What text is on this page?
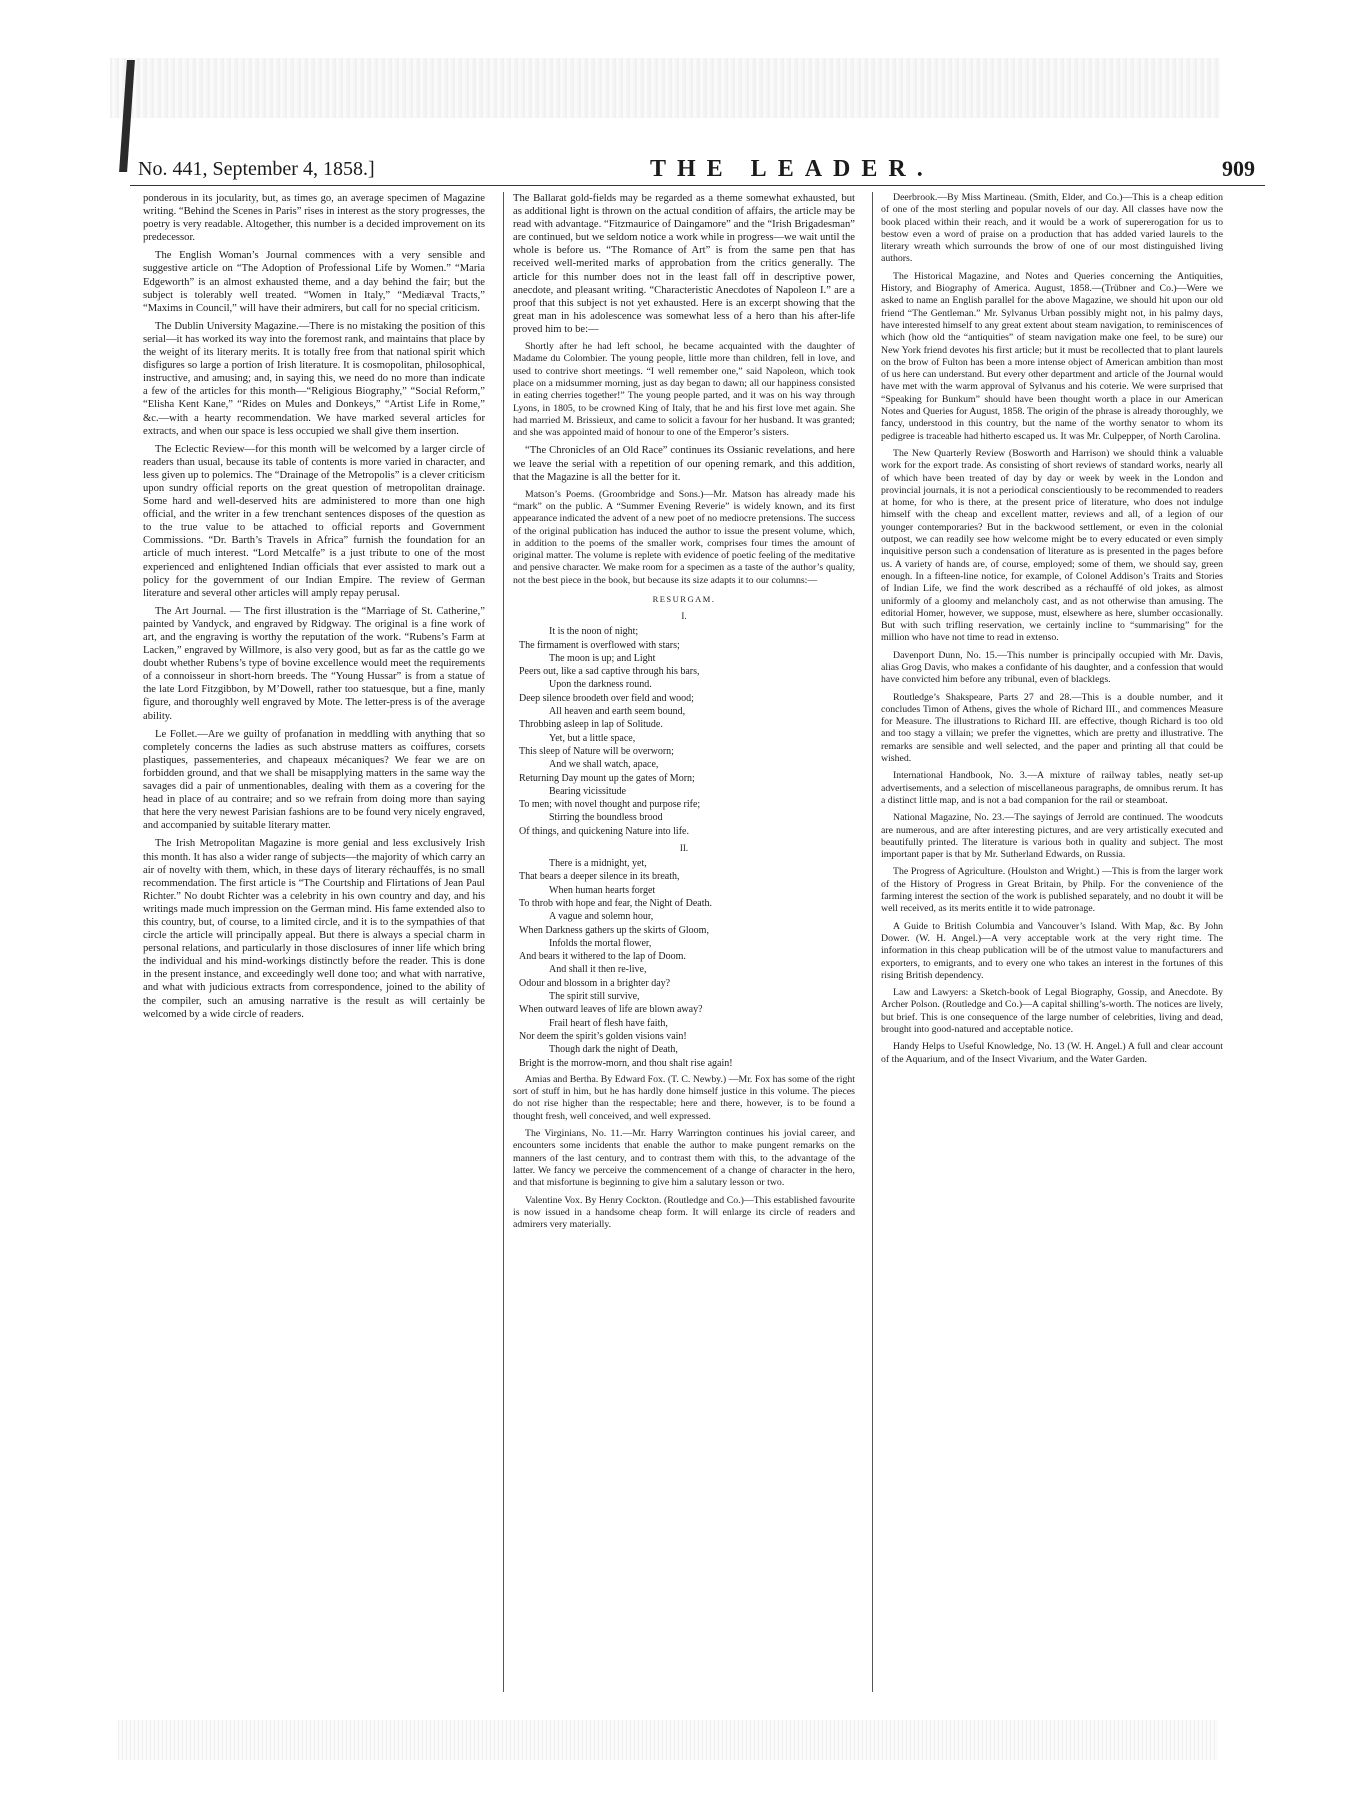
No. 441, September 4, 1858.]	THE LEADER.	909

ponderous in its jocularity, but, as times go, an average specimen of Magazine writing. “Behind the Scenes in Paris” rises in interest as the story progresses, the poetry is very readable. Altogether, this number is a decided improvement on its predecessor.

The English Woman’s Journal commences with a very sensible and suggestive article on “The Adoption of Professional Life by Women.” “Maria Edgeworth” is an almost exhausted theme, and a day behind the fair; but the subject is tolerably well treated. “Women in Italy,” “Mediæval Tracts,” “Maxims in Council,” will have their admirers, but call for no special criticism.

The Dublin University Magazine.—There is no mistaking the position of this serial—it has worked its way into the foremost rank, and maintains that place by the weight of its literary merits. It is totally free from that national spirit which disfigures so large a portion of Irish literature. It is cosmopolitan, philosophical, instructive, and amusing; and, in saying this, we need do no more than indicate a few of the articles for this month—“Religious Biography,” “Social Reform,” “Elisha Kent Kane,” “Rides on Mules and Donkeys,” “Artist Life in Rome,” &c.—with a hearty recommendation. We have marked several articles for extracts, and when our space is less occupied we shall give them insertion.

The Eclectic Review—for this month will be welcomed by a larger circle of readers than usual, because its table of contents is more varied in character, and less given up to polemics. The “Drainage of the Metropolis” is a clever criticism upon sundry official reports on the great question of metropolitan drainage. Some hard and well-deserved hits are administered to more than one high official, and the writer in a few trenchant sentences disposes of the question as to the true value to be attached to official reports and Government Commissions. “Dr. Barth’s Travels in Africa” furnish the foundation for an article of much interest. “Lord Metcalfe” is a just tribute to one of the most experienced and enlightened Indian officials that ever assisted to mark out a policy for the government of our Indian Empire. The review of German literature and several other articles will amply repay perusal.

The Art Journal. — The first illustration is the “Marriage of St. Catherine,” painted by Vandyck, and engraved by Ridgway. The original is a fine work of art, and the engraving is worthy the reputation of the work. “Rubens’s Farm at Lacken,” engraved by Willmore, is also very good, but as far as the cattle go we doubt whether Rubens’s type of bovine excellence would meet the requirements of a connoisseur in short-horn breeds. The “Young Hussar” is from a statue of the late Lord Fitzgibbon, by M’Dowell, rather too statuesque, but a fine, manly figure, and thoroughly well engraved by Mote. The letter-press is of the average ability.

Le Follet.—Are we guilty of profanation in meddling with anything that so completely concerns the ladies as such abstruse matters as coiffures, corsets plastiques, passementeries, and chapeaux mécaniques? We fear we are on forbidden ground, and that we shall be misapplying matters in the same way the savages did a pair of unmentionables, dealing with them as a covering for the head in place of au contraire; and so we refrain from doing more than saying that here the very newest Parisian fashions are to be found very nicely engraved, and accompanied by suitable literary matter.

The Irish Metropolitan Magazine is more genial and less exclusively Irish this month. It has also a wider range of subjects—the majority of which carry an air of novelty with them, which, in these days of literary réchauffés, is no small recommendation. The first article is “The Courtship and Flirtations of Jean Paul Richter.” No doubt Richter was a celebrity in his own country and day, and his writings made much impression on the German mind. His fame extended also to this country, but, of course, to a limited circle, and it is to the sympathies of that circle the article will principally appeal. But there is always a special charm in personal relations, and particularly in those disclosures of inner life which bring the individual and his mind-workings distinctly before the reader. This is done in the present instance, and exceedingly well done too; and what with narrative, and what with judicious extracts from correspondence, joined to the ability of the compiler, such an amusing narrative is the result as will certainly be welcomed by a wide circle of readers.

The Ballarat gold-fields may be regarded as a theme somewhat exhausted, but as additional light is thrown on the actual condition of affairs, the article may be read with advantage. “Fitzmaurice of Daingamore” and the “Irish Brigadesman” are continued, but we seldom notice a work while in progress—we wait until the whole is before us. “The Romance of Art” is from the same pen that has received well-merited marks of approbation from the critics generally. The article for this number does not in the least fall off in descriptive power, anecdote, and pleasant writing. “Characteristic Anecdotes of Napoleon I.” are a proof that this subject is not yet exhausted. Here is an excerpt showing that the great man in his adolescence was somewhat less of a hero than his after-life proved him to be:—

Shortly after he had left school, he became acquainted with the daughter of Madame du Colombier. The young people, little more than children, fell in love, and used to contrive short meetings. “I well remember one,” said Napoleon, which took place on a midsummer morning, just as day began to dawn; all our happiness consisted in eating cherries together!” The young people parted, and it was on his way through Lyons, in 1805, to be crowned King of Italy, that he and his first love met again. She had married M. Brissieux, and came to solicit a favour for her husband. It was granted; and she was appointed maid of honour to one of the Emperor’s sisters.

“The Chronicles of an Old Race” continues its Ossianic revelations, and here we leave the serial with a repetition of our opening remark, and this addition, that the Magazine is all the better for it.

Matson’s Poems. (Groombridge and Sons.)—Mr. Matson has already made his “mark” on the public. A “Summer Evening Reverie” is widely known, and its first appearance indicated the advent of a new poet of no mediocre pretensions. The success of the original publication has induced the author to issue the present volume, which, in addition to the poems of the smaller work, comprises four times the amount of original matter. The volume is replete with evidence of poetic feeling of the meditative and pensive character. We make room for a specimen as a taste of the author’s quality, not the best piece in the book, but because its size adapts it to our columns:—

RESURGAM.
I.
It is the noon of night;
The firmament is overflowed with stars;
The moon is up; and Light
Peers out, like a sad captive through his bars,
Upon the darkness round.
Deep silence broodeth over field and wood;
All heaven and earth seem bound,
Throbbing asleep in lap of Solitude.
Yet, but a little space,
This sleep of Nature will be overworn;
And we shall watch, apace,
Returning Day mount up the gates of Morn;
Bearing vicissitude
To men; with novel thought and purpose rife;
Stirring the boundless brood
Of things, and quickening Nature into life.
II.
There is a midnight, yet,
That bears a deeper silence in its breath,
When human hearts forget
To throb with hope and fear, the Night of Death.
A vague and solemn hour,
When Darkness gathers up the skirts of Gloom,
Infolds the mortal flower,
And bears it withered to the lap of Doom.
And shall it then re-live,
Odour and blossom in a brighter day?
The spirit still survive,
When outward leaves of life are blown away?
Frail heart of flesh have faith,
Nor deem the spirit’s golden visions vain!
Though dark the night of Death,
Bright is the morrow-morn, and thou shalt rise again!

Amias and Bertha. By Edward Fox. (T. C. Newby.) —Mr. Fox has some of the right sort of stuff in him, but he has hardly done himself justice in this volume. The pieces do not rise higher than the respectable; here and there, however, is to be found a thought fresh, well conceived, and well expressed.

The Virginians, No. 11.—Mr. Harry Warrington continues his jovial career, and encounters some incidents that enable the author to make pungent remarks on the manners of the last century, and to contrast them with this, to the advantage of the latter. We fancy we perceive the commencement of a change of character in the hero, and that misfortune is beginning to give him a salutary lesson or two.

Valentine Vox. By Henry Cockton. (Routledge and Co.)—This established favourite is now issued in a handsome cheap form. It will enlarge its circle of readers and admirers very materially.

Deerbrook.—By Miss Martineau. (Smith, Elder, and Co.)—This is a cheap edition of one of the most sterling and popular novels of our day. All classes have now the book placed within their reach, and it would be a work of supererogation for us to bestow even a word of praise on a production that has added varied laurels to the literary wreath which surrounds the brow of one of our most distinguished living authors.

The Historical Magazine, and Notes and Queries concerning the Antiquities, History, and Biography of America. August, 1858.—(Trübner and Co.)—Were we asked to name an English parallel for the above Magazine, we should hit upon our old friend “The Gentleman.” Mr. Sylvanus Urban possibly might not, in his palmy days, have interested himself to any great extent about steam navigation, to reminiscences of which (how old the “antiquities” of steam navigation make one feel, to be sure) our New York friend devotes his first article; but it must be recollected that to plant laurels on the brow of Fulton has been a more intense object of American ambition than most of us here can understand. But every other department and article of the Journal would have met with the warm approval of Sylvanus and his coterie. We were surprised that “Speaking for Bunkum” should have been thought worth a place in our American Notes and Queries for August, 1858. The origin of the phrase is already thoroughly, we fancy, understood in this country, but the name of the worthy senator to whom its pedigree is traceable had hitherto escaped us. It was Mr. Culpepper, of North Carolina.

The New Quarterly Review (Bosworth and Harrison) we should think a valuable work for the export trade. As consisting of short reviews of standard works, nearly all of which have been treated of day by day or week by week in the London and provincial journals, it is not a periodical conscientiously to be recommended to readers at home, for who is there, at the present price of literature, who does not indulge himself with the cheap and excellent matter, reviews and all, of a legion of our younger contemporaries? But in the backwood settlement, or even in the colonial outpost, we can readily see how welcome might be to every educated or even simply inquisitive person such a condensation of literature as is presented in the pages before us. A variety of hands are, of course, employed; some of them, we should say, green enough. In a fifteen-line notice, for example, of Colonel Addison’s Traits and Stories of Indian Life, we find the work described as a réchauffé of old jokes, as almost uniformly of a gloomy and melancholy cast, and as not otherwise than amusing. The editorial Homer, however, we suppose, must, elsewhere as here, slumber occasionally. But with such trifling reservation, we certainly incline to “summarising” for the million who have not time to read in extenso.

Davenport Dunn, No. 15.—This number is principally occupied with Mr. Davis, alias Grog Davis, who makes a confidante of his daughter, and a confession that would have convicted him before any tribunal, even of blacklegs.

Routledge’s Shakspeare, Parts 27 and 28.—This is a double number, and it concludes Timon of Athens, gives the whole of Richard III., and commences Measure for Measure. The illustrations to Richard III. are effective, though Richard is too old and too stagy a villain; we prefer the vignettes, which are pretty and illustrative. The remarks are sensible and well selected, and the paper and printing all that could be wished.

International Handbook, No. 3.—A mixture of railway tables, neatly set-up advertisements, and a selection of miscellaneous paragraphs, de omnibus rerum. It has a distinct little map, and is not a bad companion for the rail or steamboat.

National Magazine, No. 23.—The sayings of Jerrold are continued. The woodcuts are numerous, and are after interesting pictures, and are very artistically executed and beautifully printed. The literature is various both in quality and subject. The most important paper is that by Mr. Sutherland Edwards, on Russia.

The Progress of Agriculture. (Houlston and Wright.) —This is from the larger work of the History of Progress in Great Britain, by Philp. For the convenience of the farming interest the section of the work is published separately, and no doubt it will be well received, as its merits entitle it to wide patronage.

A Guide to British Columbia and Vancouver’s Island. With Map, &c. By John Dower. (W. H. Angel.)—A very acceptable work at the very right time. The information in this cheap publication will be of the utmost value to manufacturers and exporters, to emigrants, and to every one who takes an interest in the fortunes of this rising British dependency.

Law and Lawyers: a Sketch-book of Legal Biography, Gossip, and Anecdote. By Archer Polson. (Routledge and Co.)—A capital shilling’s-worth. The notices are lively, but brief. This is one consequence of the large number of celebrities, living and dead, brought into good-natured and acceptable notice.

Handy Helps to Useful Knowledge, No. 13 (W. H. Angel.) A full and clear account of the Aquarium, and of the Insect Vivarium, and the Water Garden.
